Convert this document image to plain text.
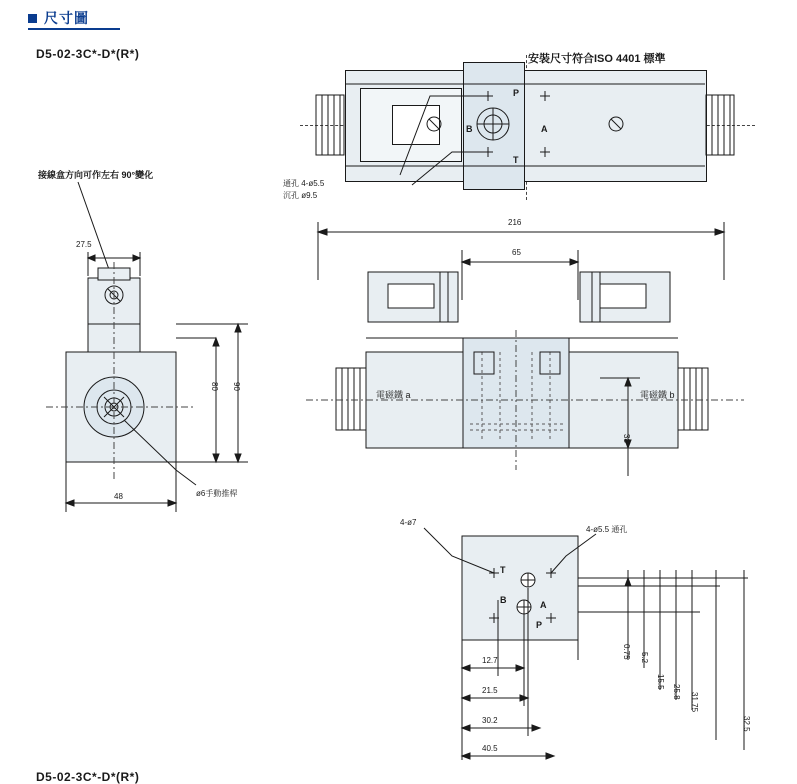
尺寸圖
D5-02-3C*-D*(R*)	安裝尺寸符合ISO 4401 標準
D5-02-3C*-D*(R*)
P
A
B
T
通孔 4-ø5.5
沉孔 ø9.5
接線盒方向可作左右 90°變化
27.5
48
90
80
ø6手動推桿
216
65
38
電磁鐵 a	電磁鐵 b
P
A
B
T
4-ø7
4-ø5.5 通孔
12.7
21.5
30.2
40.5
0.75 5.2
15.5
25.8
31.75
32.5
